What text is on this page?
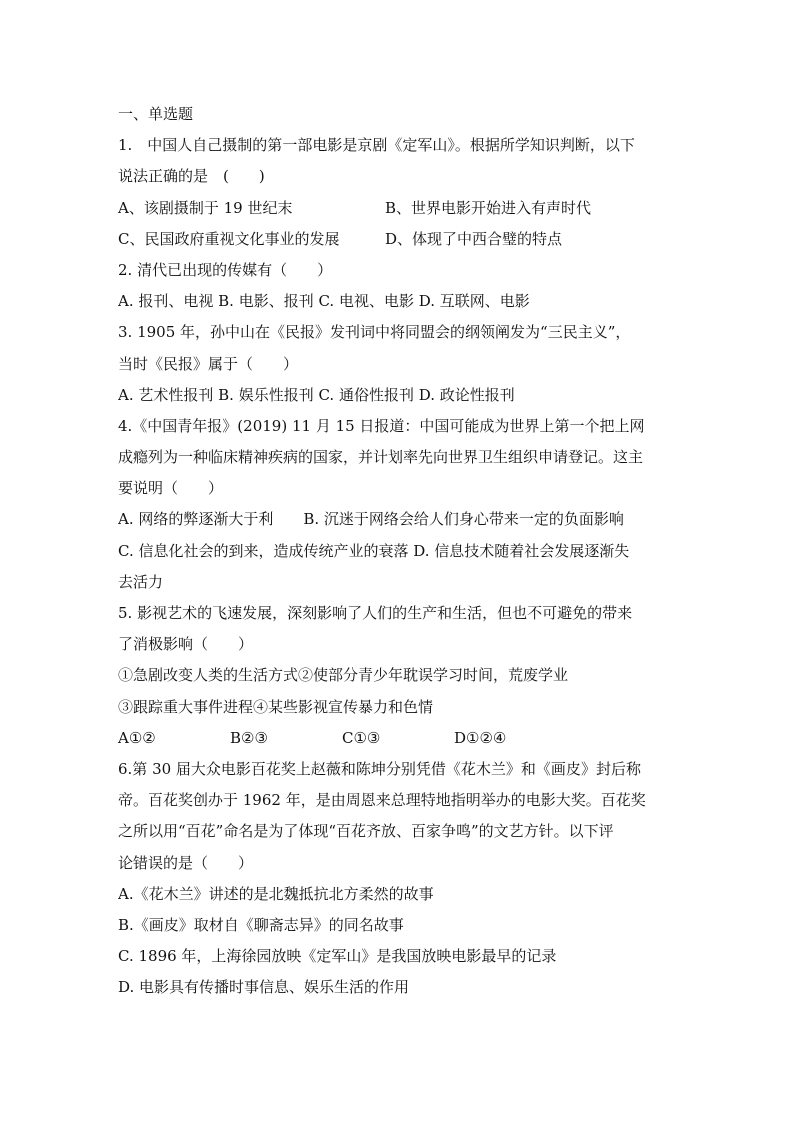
一、单选题
1.　中国人自己摄制的第一部电影是京剧《定军山》。根据所学知识判断，以下
说法正确的是　(　　)
A、该剧摄制于 19 世纪末	B、世界电影开始进入有声时代
C、民国政府重视文化事业的发展	D、体现了中西合璧的特点
2. 清代已出现的传媒有（　　）
A. 报刊、电视 B. 电影、报刊 C. 电视、电影 D. 互联网、电影
3. 1905 年，孙中山在《民报》发刊词中将同盟会的纲领阐发为“三民主义”，
当时《民报》属于（　　）
A. 艺术性报刊 B. 娱乐性报刊 C. 通俗性报刊 D. 政论性报刊
4.《中国青年报》(2019) 11 月 15 日报道：中国可能成为世界上第一个把上网
成瘾列为一种临床精神疾病的国家，并计划率先向世界卫生组织申请登记。这主
要说明（　　）
A. 网络的弊逐渐大于利　　B. 沉迷于网络会给人们身心带来一定的负面影响
C. 信息化社会的到来，造成传统产业的衰落 D. 信息技术随着社会发展逐渐失
去活力
5. 影视艺术的飞速发展，深刻影响了人们的生产和生活，但也不可避免的带来
了消极影响（　　）
①急剧改变人类的生活方式②使部分青少年耽误学习时间，荒废学业
③跟踪重大事件进程④某些影视宣传暴力和色情
A①②	B②③	C①③	D①②④
6.第 30 届大众电影百花奖上赵薇和陈坤分别凭借《花木兰》和《画皮》封后称
帝。百花奖创办于 1962 年，是由周恩来总理特地指明举办的电影大奖。百花奖
之所以用“百花”命名是为了体现“百花齐放、百家争鸣”的文艺方针。以下评
论错误的是（　　）
A.《花木兰》讲述的是北魏抵抗北方柔然的故事
B.《画皮》取材自《聊斋志异》的同名故事
C. 1896 年，上海徐园放映《定军山》是我国放映电影最早的记录
D. 电影具有传播时事信息、娱乐生活的作用
